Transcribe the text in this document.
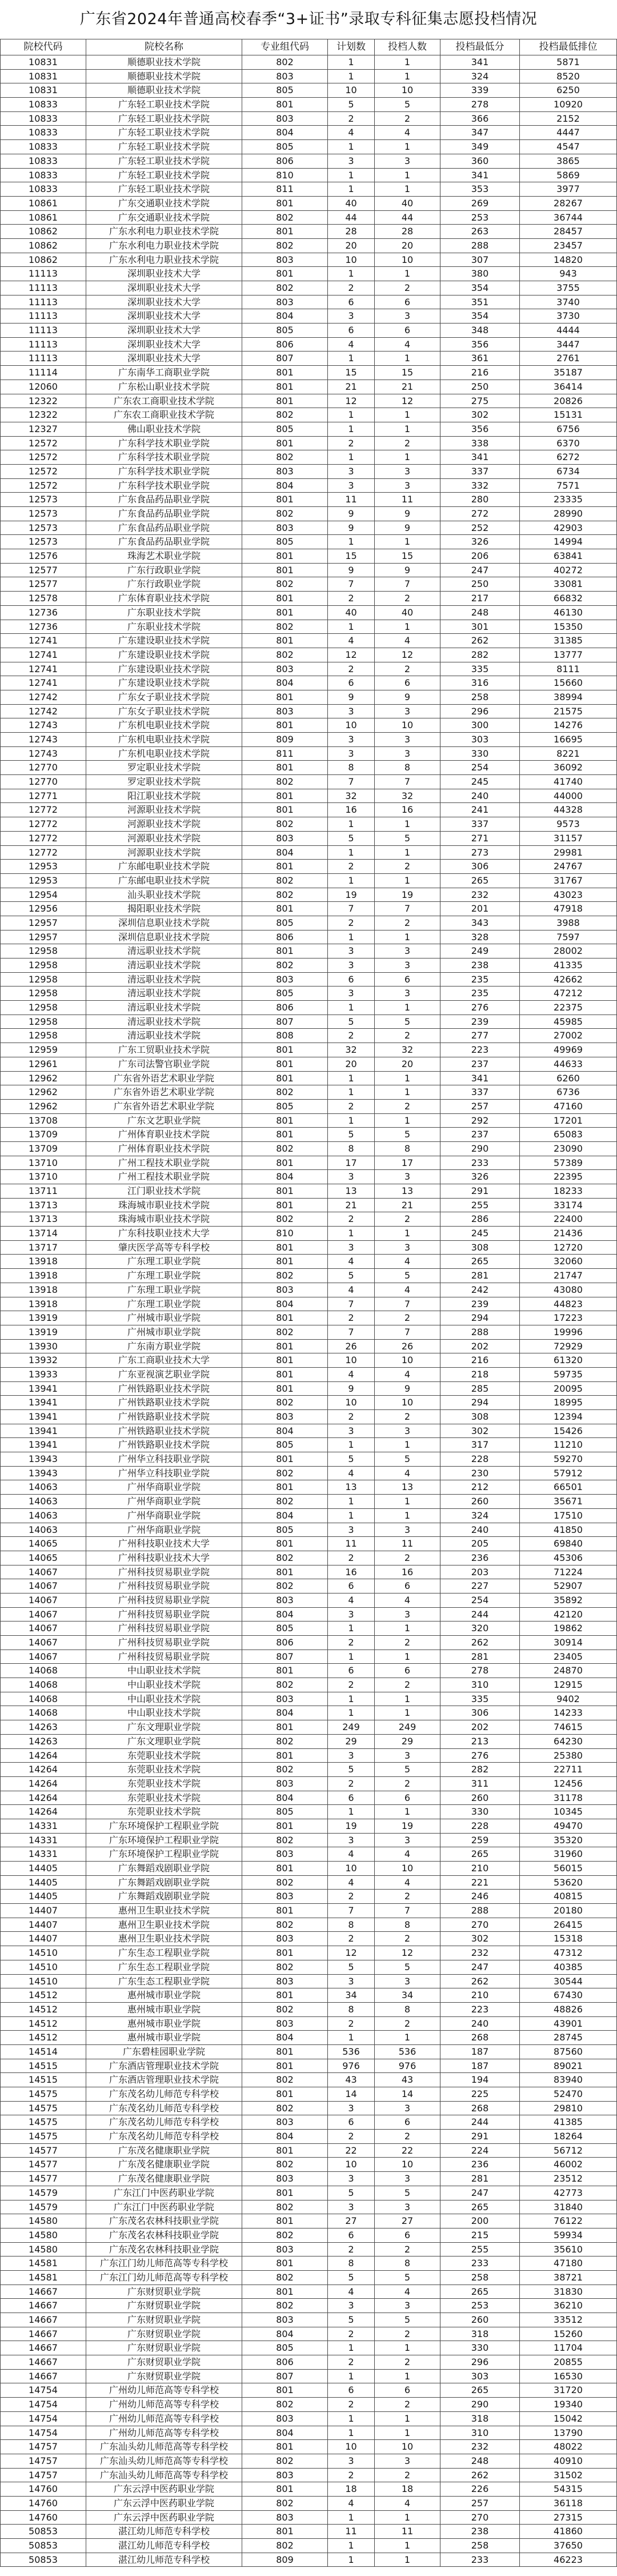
广东省2024年普通高校春季“3+证书”录取专科征集志愿投档情况
院校代码	院校名称	专业组代码	计划数	投档人数	投档最低分	投档最低排位
10831	顺德职业技术学院	802	1	1	341	5871
10831	顺德职业技术学院	803	1	1	324	8520
10831	顺德职业技术学院	805	10	10	339	6250
10833	广东轻工职业技术学院	801	5	5	278	10920
10833	广东轻工职业技术学院	803	2	2	366	2152
10833	广东轻工职业技术学院	804	4	4	347	4447
10833	广东轻工职业技术学院	805	1	1	349	4547
10833	广东轻工职业技术学院	806	3	3	360	3865
10833	广东轻工职业技术学院	810	1	1	341	5869
10833	广东轻工职业技术学院	811	1	1	353	3977
10861	广东交通职业技术学院	801	40	40	269	28267
10861	广东交通职业技术学院	802	44	44	253	36744
10862	广东水利电力职业技术学院	801	28	28	263	28457
10862	广东水利电力职业技术学院	802	20	20	288	23457
10862	广东水利电力职业技术学院	803	10	10	307	14820
11113	深圳职业技术大学	801	1	1	380	943
11113	深圳职业技术大学	802	2	2	354	3755
11113	深圳职业技术大学	803	6	6	351	3740
11113	深圳职业技术大学	804	3	3	354	3730
11113	深圳职业技术大学	805	6	6	348	4444
11113	深圳职业技术大学	806	4	4	356	3447
11113	深圳职业技术大学	807	1	1	361	2761
11114	广东南华工商职业学院	801	15	15	216	35187
12060	广东松山职业技术学院	801	21	21	250	36414
12322	广东农工商职业技术学院	801	12	12	275	20826
12322	广东农工商职业技术学院	802	1	1	302	15131
12327	佛山职业技术学院	805	1	1	356	6756
12572	广东科学技术职业学院	801	2	2	338	6370
12572	广东科学技术职业学院	802	1	1	341	6272
12572	广东科学技术职业学院	803	3	3	337	6734
12572	广东科学技术职业学院	804	3	3	332	7571
12573	广东食品药品职业学院	801	11	11	280	23335
12573	广东食品药品职业学院	802	9	9	272	28990
12573	广东食品药品职业学院	803	9	9	252	42903
12573	广东食品药品职业学院	805	1	1	326	14994
12576	珠海艺术职业学院	801	15	15	206	63841
12577	广东行政职业学院	801	9	9	247	40272
12577	广东行政职业学院	802	7	7	250	33081
12578	广东体育职业技术学院	801	2	2	217	66832
12736	广东职业技术学院	801	40	40	248	46130
12736	广东职业技术学院	802	1	1	301	15350
12741	广东建设职业技术学院	801	4	4	262	31385
12741	广东建设职业技术学院	802	12	12	282	13777
12741	广东建设职业技术学院	803	2	2	335	8111
12741	广东建设职业技术学院	804	6	6	316	15660
12742	广东女子职业技术学院	801	9	9	258	38994
12742	广东女子职业技术学院	803	3	3	296	21575
12743	广东机电职业技术学院	801	10	10	300	14276
12743	广东机电职业技术学院	809	3	3	303	16695
12743	广东机电职业技术学院	811	3	3	330	8221
12770	罗定职业技术学院	801	8	8	254	36092
12770	罗定职业技术学院	802	7	7	245	41740
12771	阳江职业技术学院	801	32	32	240	44000
12772	河源职业技术学院	801	16	16	241	44328
12772	河源职业技术学院	802	1	1	337	9573
12772	河源职业技术学院	803	5	5	271	31157
12772	河源职业技术学院	804	1	1	273	29981
12953	广东邮电职业技术学院	801	2	2	306	24767
12953	广东邮电职业技术学院	802	1	1	265	31767
12954	汕头职业技术学院	802	19	19	232	43023
12956	揭阳职业技术学院	801	7	7	201	47918
12957	深圳信息职业技术学院	805	2	2	343	3988
12957	深圳信息职业技术学院	806	1	1	328	7597
12958	清远职业技术学院	801	3	3	249	28002
12958	清远职业技术学院	802	3	3	238	41335
12958	清远职业技术学院	803	6	6	235	42662
12958	清远职业技术学院	805	3	3	235	47212
12958	清远职业技术学院	806	1	1	276	22375
12958	清远职业技术学院	807	5	5	239	45985
12958	清远职业技术学院	808	2	2	277	27002
12959	广东工贸职业技术学院	801	32	32	223	49969
12961	广东司法警官职业学院	801	20	20	237	44633
12962	广东省外语艺术职业学院	801	1	1	341	6260
12962	广东省外语艺术职业学院	802	1	1	337	6736
12962	广东省外语艺术职业学院	805	2	2	257	47160
13708	广东文艺职业学院	801	1	1	292	17201
13709	广州体育职业技术学院	801	5	5	237	65083
13709	广州体育职业技术学院	802	8	8	290	23090
13710	广州工程技术职业学院	801	17	17	233	57389
13710	广州工程技术职业学院	804	3	3	326	22395
13711	江门职业技术学院	801	13	13	291	18233
13713	珠海城市职业技术学院	801	21	21	255	33174
13713	珠海城市职业技术学院	802	2	2	286	22400
13714	广东科技职业技术大学	810	1	1	245	21436
13717	肇庆医学高等专科学校	801	3	3	308	12720
13918	广东理工职业学院	801	4	4	265	32060
13918	广东理工职业学院	802	5	5	281	21747
13918	广东理工职业学院	803	4	4	242	43080
13918	广东理工职业学院	804	7	7	239	44823
13919	广州城市职业学院	801	2	2	294	17223
13919	广州城市职业学院	802	7	7	288	19996
13930	广东南方职业学院	801	26	26	202	72929
13932	广东工商职业技术大学	801	10	10	216	61320
13933	广东亚视演艺职业学院	801	4	4	218	59735
13941	广州铁路职业技术学院	801	9	9	285	20095
13941	广州铁路职业技术学院	802	10	10	294	18995
13941	广州铁路职业技术学院	803	2	2	308	12394
13941	广州铁路职业技术学院	804	3	3	302	15426
13941	广州铁路职业技术学院	805	1	1	317	11210
13943	广州华立科技职业学院	801	5	5	228	59270
13943	广州华立科技职业学院	802	4	4	230	57912
14063	广州华商职业学院	801	13	13	212	66501
14063	广州华商职业学院	802	1	1	260	35671
14063	广州华商职业学院	804	1	1	324	17510
14063	广州华商职业学院	805	3	3	240	41850
14065	广州科技职业技术大学	801	11	11	205	69840
14065	广州科技职业技术大学	802	2	2	236	45306
14067	广州科技贸易职业学院	801	16	16	203	71224
14067	广州科技贸易职业学院	802	6	6	227	52907
14067	广州科技贸易职业学院	803	4	4	254	35892
14067	广州科技贸易职业学院	804	3	3	244	42120
14067	广州科技贸易职业学院	805	1	1	320	19862
14067	广州科技贸易职业学院	806	2	2	262	30914
14067	广州科技贸易职业学院	807	1	1	281	23405
14068	中山职业技术学院	801	6	6	278	24870
14068	中山职业技术学院	802	2	2	310	12915
14068	中山职业技术学院	803	1	1	335	9402
14068	中山职业技术学院	804	1	1	306	14233
14263	广东文理职业学院	801	249	249	202	74615
14263	广东文理职业学院	802	29	29	213	64230
14264	东莞职业技术学院	801	3	3	276	25380
14264	东莞职业技术学院	802	5	5	282	22711
14264	东莞职业技术学院	803	2	2	311	12456
14264	东莞职业技术学院	804	6	6	260	31178
14264	东莞职业技术学院	805	1	1	330	10345
14331	广东环境保护工程职业学院	801	19	19	228	49470
14331	广东环境保护工程职业学院	802	3	3	259	35320
14331	广东环境保护工程职业学院	803	4	4	265	31960
14405	广东舞蹈戏剧职业学院	801	10	10	210	56015
14405	广东舞蹈戏剧职业学院	802	4	4	221	53620
14405	广东舞蹈戏剧职业学院	803	2	2	246	40815
14407	惠州卫生职业技术学院	801	7	7	288	20180
14407	惠州卫生职业技术学院	802	8	8	270	26415
14407	惠州卫生职业技术学院	803	2	2	302	15318
14510	广东生态工程职业学院	801	12	12	232	47312
14510	广东生态工程职业学院	802	5	5	247	40385
14510	广东生态工程职业学院	803	3	3	262	30544
14512	惠州城市职业学院	801	34	34	210	67430
14512	惠州城市职业学院	802	8	8	223	48826
14512	惠州城市职业学院	803	2	2	240	43901
14512	惠州城市职业学院	804	1	1	268	28745
14514	广东碧桂园职业学院	801	536	536	187	87560
14515	广东酒店管理职业技术学院	801	976	976	187	89021
14515	广东酒店管理职业技术学院	802	43	43	194	83940
14575	广东茂名幼儿师范专科学校	801	14	14	225	52470
14575	广东茂名幼儿师范专科学校	802	3	3	268	29810
14575	广东茂名幼儿师范专科学校	803	6	6	244	41385
14575	广东茂名幼儿师范专科学校	804	2	2	291	18264
14577	广东茂名健康职业学院	801	22	22	224	56712
14577	广东茂名健康职业学院	802	10	10	236	46002
14577	广东茂名健康职业学院	803	3	3	281	23512
14579	广东江门中医药职业学院	801	5	5	247	42773
14579	广东江门中医药职业学院	802	3	3	265	31840
14580	广东茂名农林科技职业学院	801	27	27	200	76122
14580	广东茂名农林科技职业学院	802	6	6	215	59934
14580	广东茂名农林科技职业学院	803	2	2	255	35610
14581	广东江门幼儿师范高等专科学校	801	8	8	233	47180
14581	广东江门幼儿师范高等专科学校	802	5	5	258	38721
14667	广东财贸职业学院	801	4	4	265	31830
14667	广东财贸职业学院	802	3	3	253	36210
14667	广东财贸职业学院	803	5	5	260	33512
14667	广东财贸职业学院	804	2	2	318	15260
14667	广东财贸职业学院	805	1	1	330	11704
14667	广东财贸职业学院	806	2	2	296	20855
14667	广东财贸职业学院	807	1	1	303	16530
14754	广州幼儿师范高等专科学校	801	6	6	265	31720
14754	广州幼儿师范高等专科学校	802	2	2	290	19340
14754	广州幼儿师范高等专科学校	803	1	1	318	15042
14754	广州幼儿师范高等专科学校	804	1	1	310	13790
14757	广东汕头幼儿师范高等专科学校	801	10	10	232	48022
14757	广东汕头幼儿师范高等专科学校	802	3	3	248	40910
14757	广东汕头幼儿师范高等专科学校	803	2	2	262	31502
14760	广东云浮中医药职业学院	801	18	18	226	54315
14760	广东云浮中医药职业学院	802	4	4	257	36118
14760	广东云浮中医药职业学院	803	1	1	270	27315
50853	湛江幼儿师范专科学校	801	11	11	238	41860
50853	湛江幼儿师范专科学校	802	1	1	258	37650
50853	湛江幼儿师范专科学校	809	1	1	233	46223
